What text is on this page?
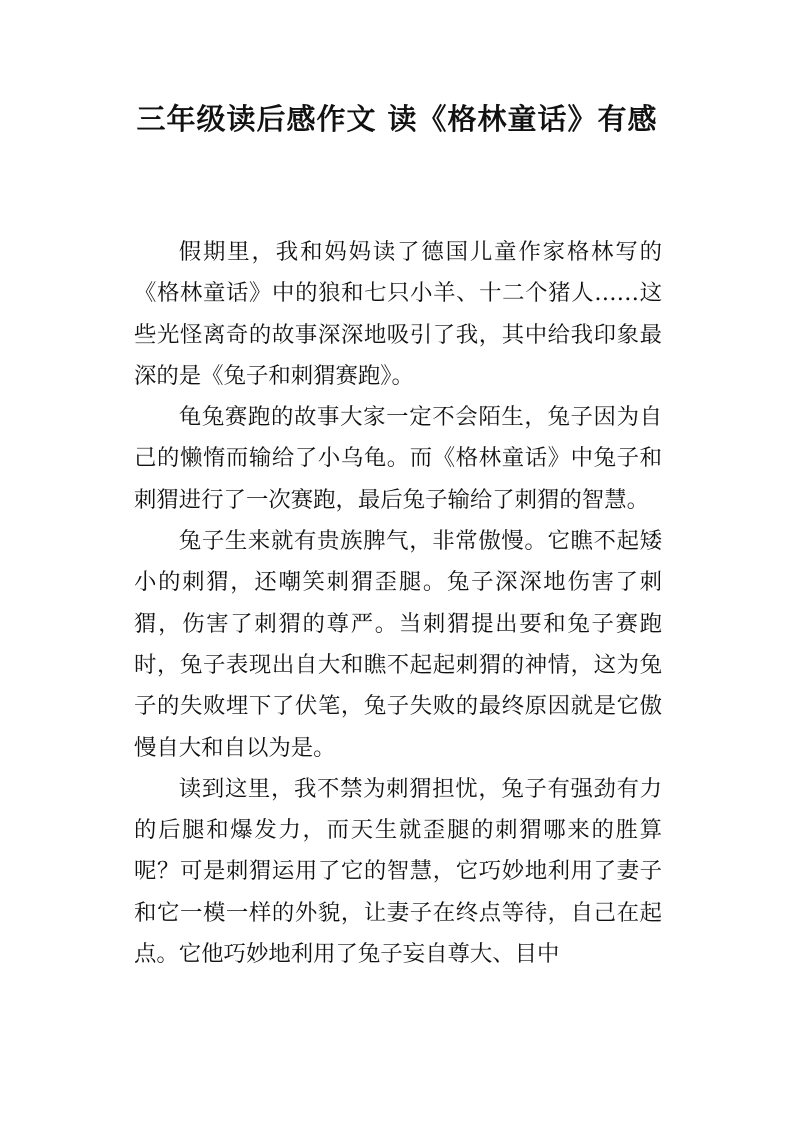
三年级读后感作文 读《格林童话》有感

假期里，我和妈妈读了德国儿童作家格林写的《格林童话》中的狼和七只小羊、十二个猪人……这些光怪离奇的故事深深地吸引了我，其中给我印象最深的是《兔子和刺猬赛跑》。

龟兔赛跑的故事大家一定不会陌生，兔子因为自己的懒惰而输给了小乌龟。而《格林童话》中兔子和刺猬进行了一次赛跑，最后兔子输给了刺猬的智慧。

兔子生来就有贵族脾气，非常傲慢。它瞧不起矮小的刺猬，还嘲笑刺猬歪腿。兔子深深地伤害了刺猬，伤害了刺猬的尊严。当刺猬提出要和兔子赛跑时，兔子表现出自大和瞧不起起刺猬的神情，这为兔子的失败埋下了伏笔，兔子失败的最终原因就是它傲慢自大和自以为是。

读到这里，我不禁为刺猬担忧，兔子有强劲有力的后腿和爆发力，而天生就歪腿的刺猬哪来的胜算呢？可是刺猬运用了它的智慧，它巧妙地利用了妻子和它一模一样的外貌，让妻子在终点等待，自己在起点。它他巧妙地利用了兔子妄自尊大、目中
